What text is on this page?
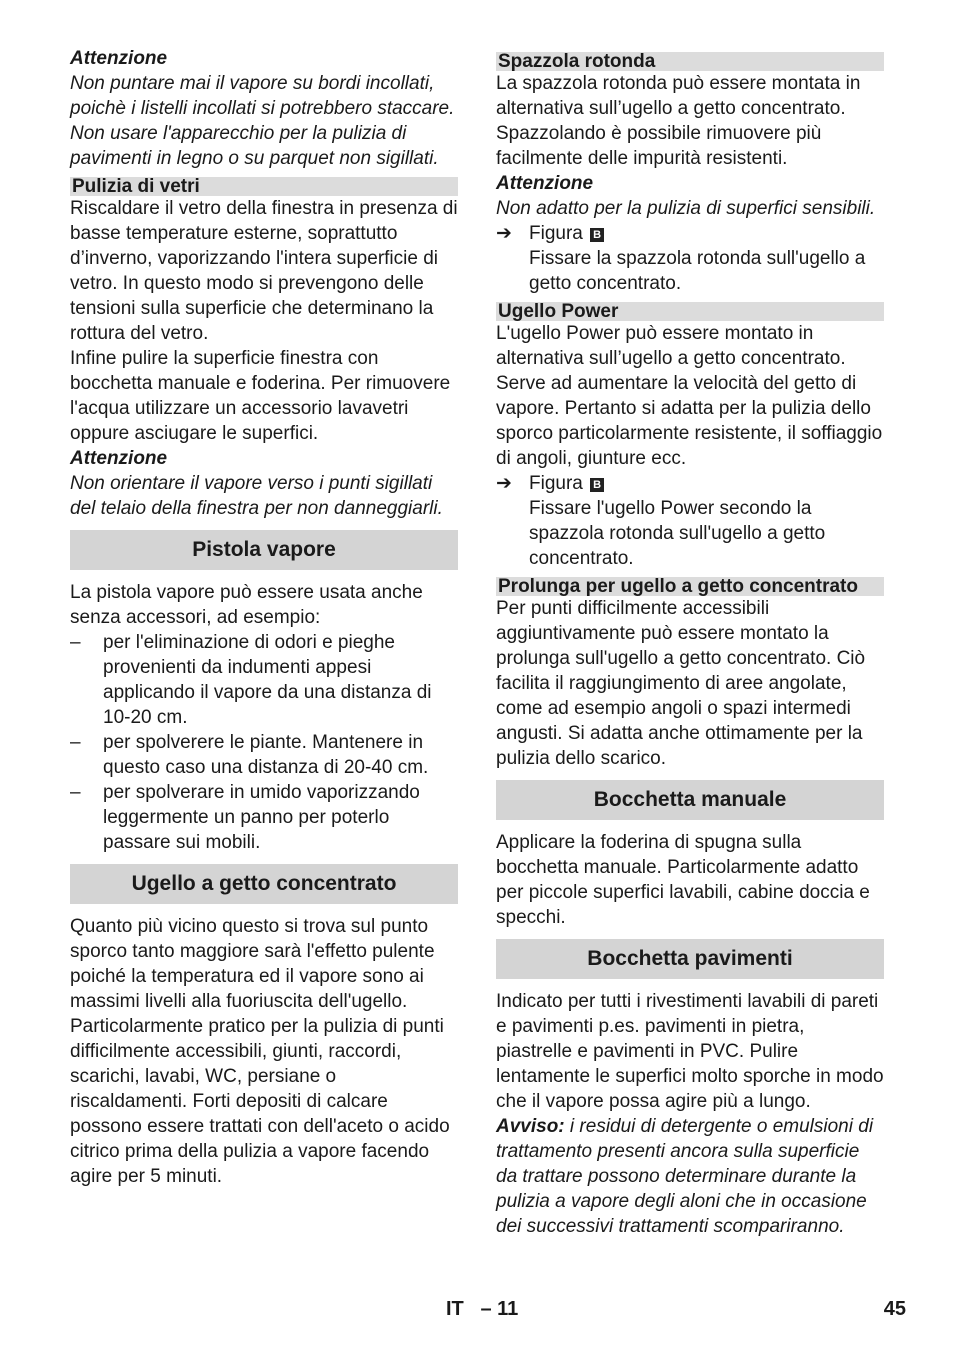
Attenzione

Non puntare mai il vapore su bordi incollati, poichè i listelli incollati si potrebbero staccare. Non usare l'apparecchio per la pulizia di pavimenti in legno o su parquet non sigillati.

Pulizia di vetri

Riscaldare il vetro della finestra in presenza di basse temperature esterne, soprattutto d’inverno, vaporizzando l'intera superficie di vetro. In questo modo si prevengono delle tensioni sulla superficie che determinano la rottura del vetro.

Infine pulire la superficie finestra con bocchetta manuale e foderina. Per rimuovere l'acqua utilizzare un accessorio lavavetri oppure asciugare le superfici.

Attenzione

Non orientare il vapore verso i punti sigillati del telaio della finestra per non danneggiarli.

Pistola vapore

La pistola vapore può essere usata anche senza accessori, ad esempio:

– per l'eliminazione di odori e pieghe provenienti da indumenti appesi applicando il vapore da una distanza di 10-20 cm.
– per spolverere le piante. Mantenere in questo caso una distanza di 20-40 cm.
– per spolverare in umido vaporizzando leggermente un panno per poterlo passare sui mobili.
Ugello a getto concentrato

Quanto più vicino questo si trova sul punto sporco tanto maggiore sarà l'effetto pulente poiché la temperatura ed il vapore sono ai massimi livelli alla fuoriuscita dell'ugello. Particolarmente pratico per la pulizia di punti difficilmente accessibili, giunti, raccordi, scarichi, lavabi, WC, persiane o riscaldamenti. Forti depositi di calcare possono essere trattati con dell'aceto o acido citrico prima della pulizia a vapore facendo agire per 5 minuti.

Spazzola rotonda

La spazzola rotonda può essere montata in alternativa sull’ugello a getto concentrato. Spazzolando è possibile rimuovere più facilmente delle impurità resistenti.

Attenzione

Non adatto per la pulizia di superfici sensibili.

➔ Figura B

Fissare la spazzola rotonda sull'ugello a getto concentrato.

Ugello Power

L'ugello Power può essere montato in alternativa sull’ugello a getto concentrato.

Serve ad aumentare la velocità del getto di vapore. Pertanto si adatta per la pulizia dello sporco particolarmente resistente, il soffiaggio di angoli, giunture ecc.

➔ Figura B

Fissare l'ugello Power secondo la spazzola rotonda sull'ugello a getto concentrato.

Prolunga per ugello a getto concentrato

Per punti difficilmente accessibili aggiuntivamente può essere montato la prolunga sull'ugello a getto concentrato. Ciò facilita il raggiungimento di aree angolate, come ad esempio angoli o spazi intermedi angusti. Si adatta anche ottimamente per la pulizia dello scarico.

Bocchetta manuale

Applicare la foderina di spugna sulla bocchetta manuale. Particolarmente adatto per piccole superfici lavabili, cabine doccia e specchi.

Bocchetta pavimenti

Indicato per tutti i rivestimenti lavabili di pareti e pavimenti p.es. pavimenti in pietra, piastrelle e pavimenti in PVC. Pulire lentamente le superfici molto sporche in modo che il vapore possa agire più a lungo.

Avviso: i residui di detergente o emulsioni di trattamento presenti ancora sulla superficie da trattare possono determinare durante la pulizia a vapore degli aloni che in occasione dei successivi trattamenti scompariranno.

IT   – 11	45
